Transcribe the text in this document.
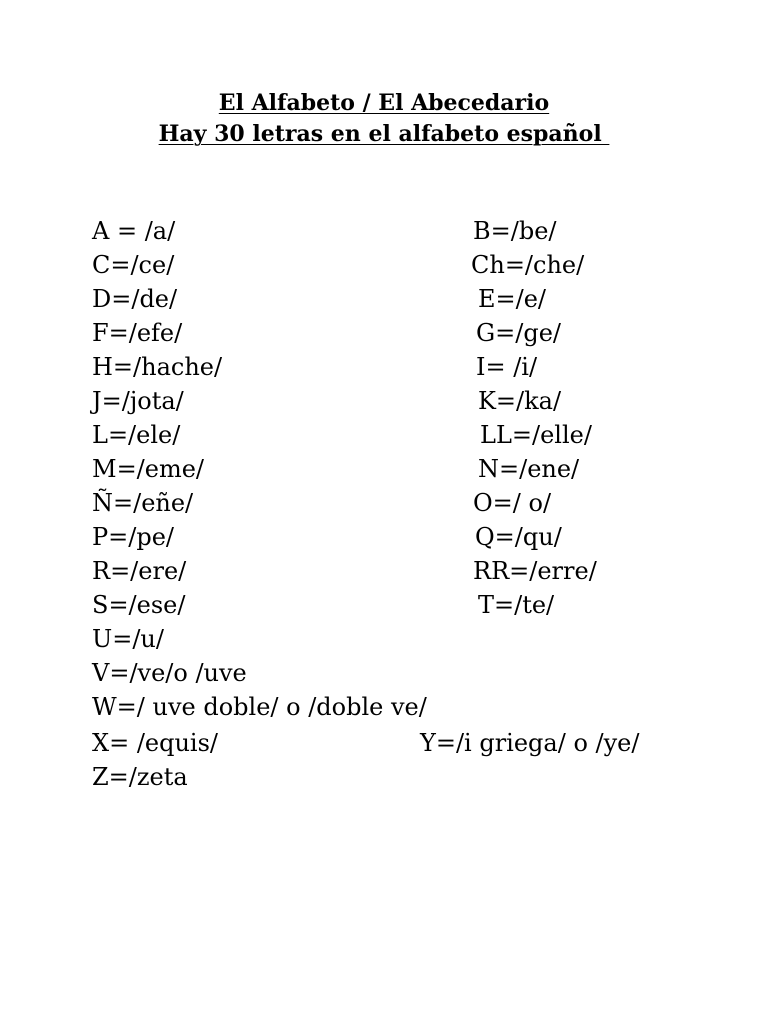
El Alfabeto / El Abecedario
Hay 30 letras en el alfabeto español
A = /a/	B=/be/
C=/ce/	Ch=/che/
D=/de/	E=/e/
F=/efe/	G=/ge/
H=/hache/	I= /i/
J=/jota/	K=/ka/
L=/ele/	LL=/elle/
M=/eme/	N=/ene/
Ñ=/eñe/	O=/ o/
P=/pe/	Q=/qu/
R=/ere/	RR=/erre/
S=/ese/	T=/te/
U=/u/
V=/ve/o /uve
W=/ uve doble/ o /doble ve/
X= /equis/	Y=/i griega/ o /ye/
Z=/zeta
